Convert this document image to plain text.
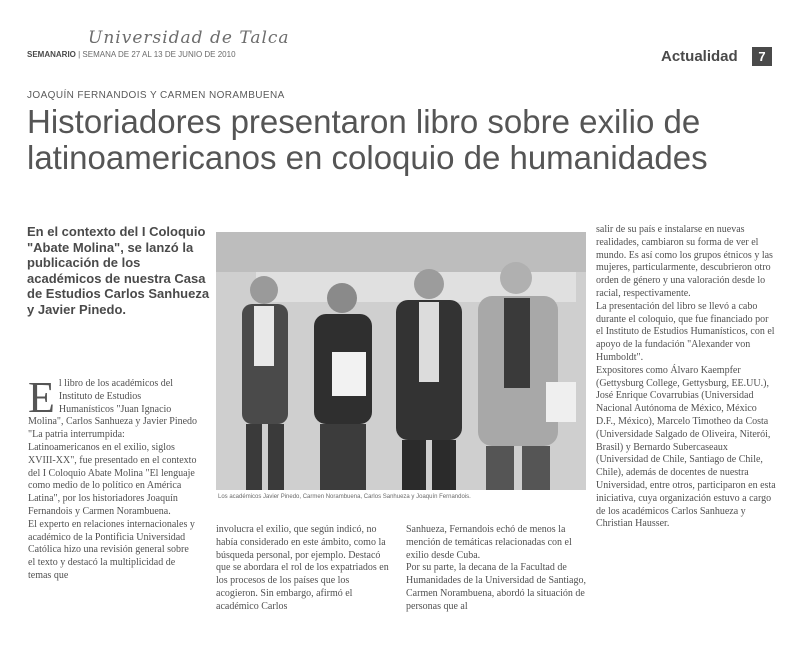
Universidad de Talca
SEMANARIO | SEMANA DE 27 AL 13 DE JUNIO DE 2010	Actualidad	7
JOAQUÍN FERNANDOIS Y CARMEN NORAMBUENA
Historiadores presentaron libro sobre exilio de latinoamericanos en coloquio de humanidades
En el contexto del I Coloquio "Abate Molina", se lanzó la publicación de los académicos de nuestra Casa de Estudios Carlos Sanhueza y Javier Pinedo.
E l libro de los académicos del Instituto de Estudios Humanísticos "Juan Ignacio Molina", Carlos Sanhueza y Javier Pinedo "La patria interrumpida: Latinoamericanos en el exilio, siglos XVIII-XX", fue presentado en el contexto del I Coloquio Abate Molina "El lenguaje como medio de lo político en América Latina", por los historiadores Joaquín Fernandois y Carmen Norambuena.

El experto en relaciones internacionales y académico de la Pontificia Universidad Católica hizo una revisión general sobre el texto y destacó la multiplicidad de temas que

Los académicos Javier Pinedo, Carmen Norambuena, Carlos Sanhueza y Joaquín Fernandois.

involucra el exilio, que según indicó, no había considerado en este ámbito, como la búsqueda personal, por ejemplo. Destacó que se abordara el rol de los expatriados en los procesos de los países que los acogieron. Sin embargo, afirmó el académico Carlos

Sanhueza, Fernandois echó de menos la mención de temáticas relacionadas con el exilio desde Cuba.

Por su parte, la decana de la Facultad de Humanidades de la Universidad de Santiago, Carmen Norambuena, abordó la situación de personas que al

salir de su país e instalarse en nuevas realidades, cambiaron su forma de ver el mundo. Es así como los grupos étnicos y las mujeres, particularmente, descubrieron otro orden de género y una valoración desde lo racial, respectivamente.

La presentación del libro se llevó a cabo durante el coloquio, que fue financiado por el Instituto de Estudios Humanísticos, con el apoyo de la fundación "Alexander von Humboldt".

Expositores como Álvaro Kaempfer (Gettysburg College, Gettysburg, EE.UU.), José Enrique Covarrubias (Universidad Nacional Autónoma de México, México D.F., México), Marcelo Timotheo da Costa (Universidade Salgado de Oliveira, Niterói, Brasil) y Bernardo Subercaseaux (Universidad de Chile, Santiago de Chile, Chile), además de docentes de nuestra Universidad, entre otros, participaron en esta iniciativa, cuya organización estuvo a cargo de los académicos Carlos Sanhueza y Christian Hausser.
